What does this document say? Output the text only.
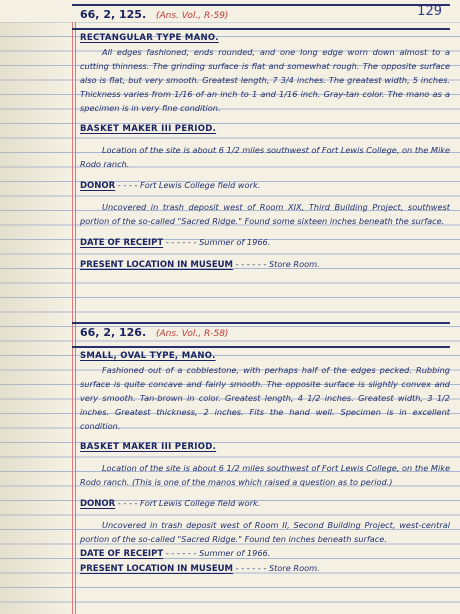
129
66, 2, 125. (Ans. Vol., R-59)
RECTANGULAR TYPE MANO.
All edges fashioned, ends rounded, and one long edge worn down almost to a cutting thinness. The grinding surface is flat and somewhat rough. The opposite surface also is flat, but very smooth. Greatest length, 7 3/4 inches. The greatest width, 5 inches. Thickness varies from 1/16 of an inch to 1 and 1/16 inch. Gray-tan color. The mano as a specimen is in very fine condition.
BASKET MAKER III PERIOD.
Location of the site is about 6 1/2 miles southwest of Fort Lewis College, on the Mike Rodo ranch.
DONOR - - - - Fort Lewis College field work.
Uncovered in trash deposit west of Room XIX, Third Building Project, southwest portion of the so-called "Sacred Ridge." Found some sixteen inches beneath the surface.
DATE OF RECEIPT - - - - - - Summer of 1966.
PRESENT LOCATION IN MUSEUM - - - - - - Store Room.
66, 2, 126. (Ans. Vol., R-58)
SMALL, OVAL TYPE, MANO.
Fashioned out of a cobblestone, with perhaps half of the edges pecked. Rubbing surface is quite concave and fairly smooth. The opposite surface is slightly convex and very smooth. Tan-brown in color. Greatest length, 4 1/2 inches. Greatest width, 3 1/2 inches. Greatest thickness, 2 inches. Fits the hand well. Specimen is in excellent condition.
BASKET MAKER III PERIOD.
Location of the site is about 6 1/2 miles southwest of Fort Lewis College, on the Mike Rodo ranch. (This is one of the manos which raised a question as to period.)
DONOR - - - - Fort Lewis College field work.
Uncovered in trash deposit west of Room II, Second Building Project, west-central portion of the so-called "Sacred Ridge." Found ten inches beneath surface.
DATE OF RECEIPT - - - - - - Summer of 1966.
PRESENT LOCATION IN MUSEUM - - - - - - Store Room.
